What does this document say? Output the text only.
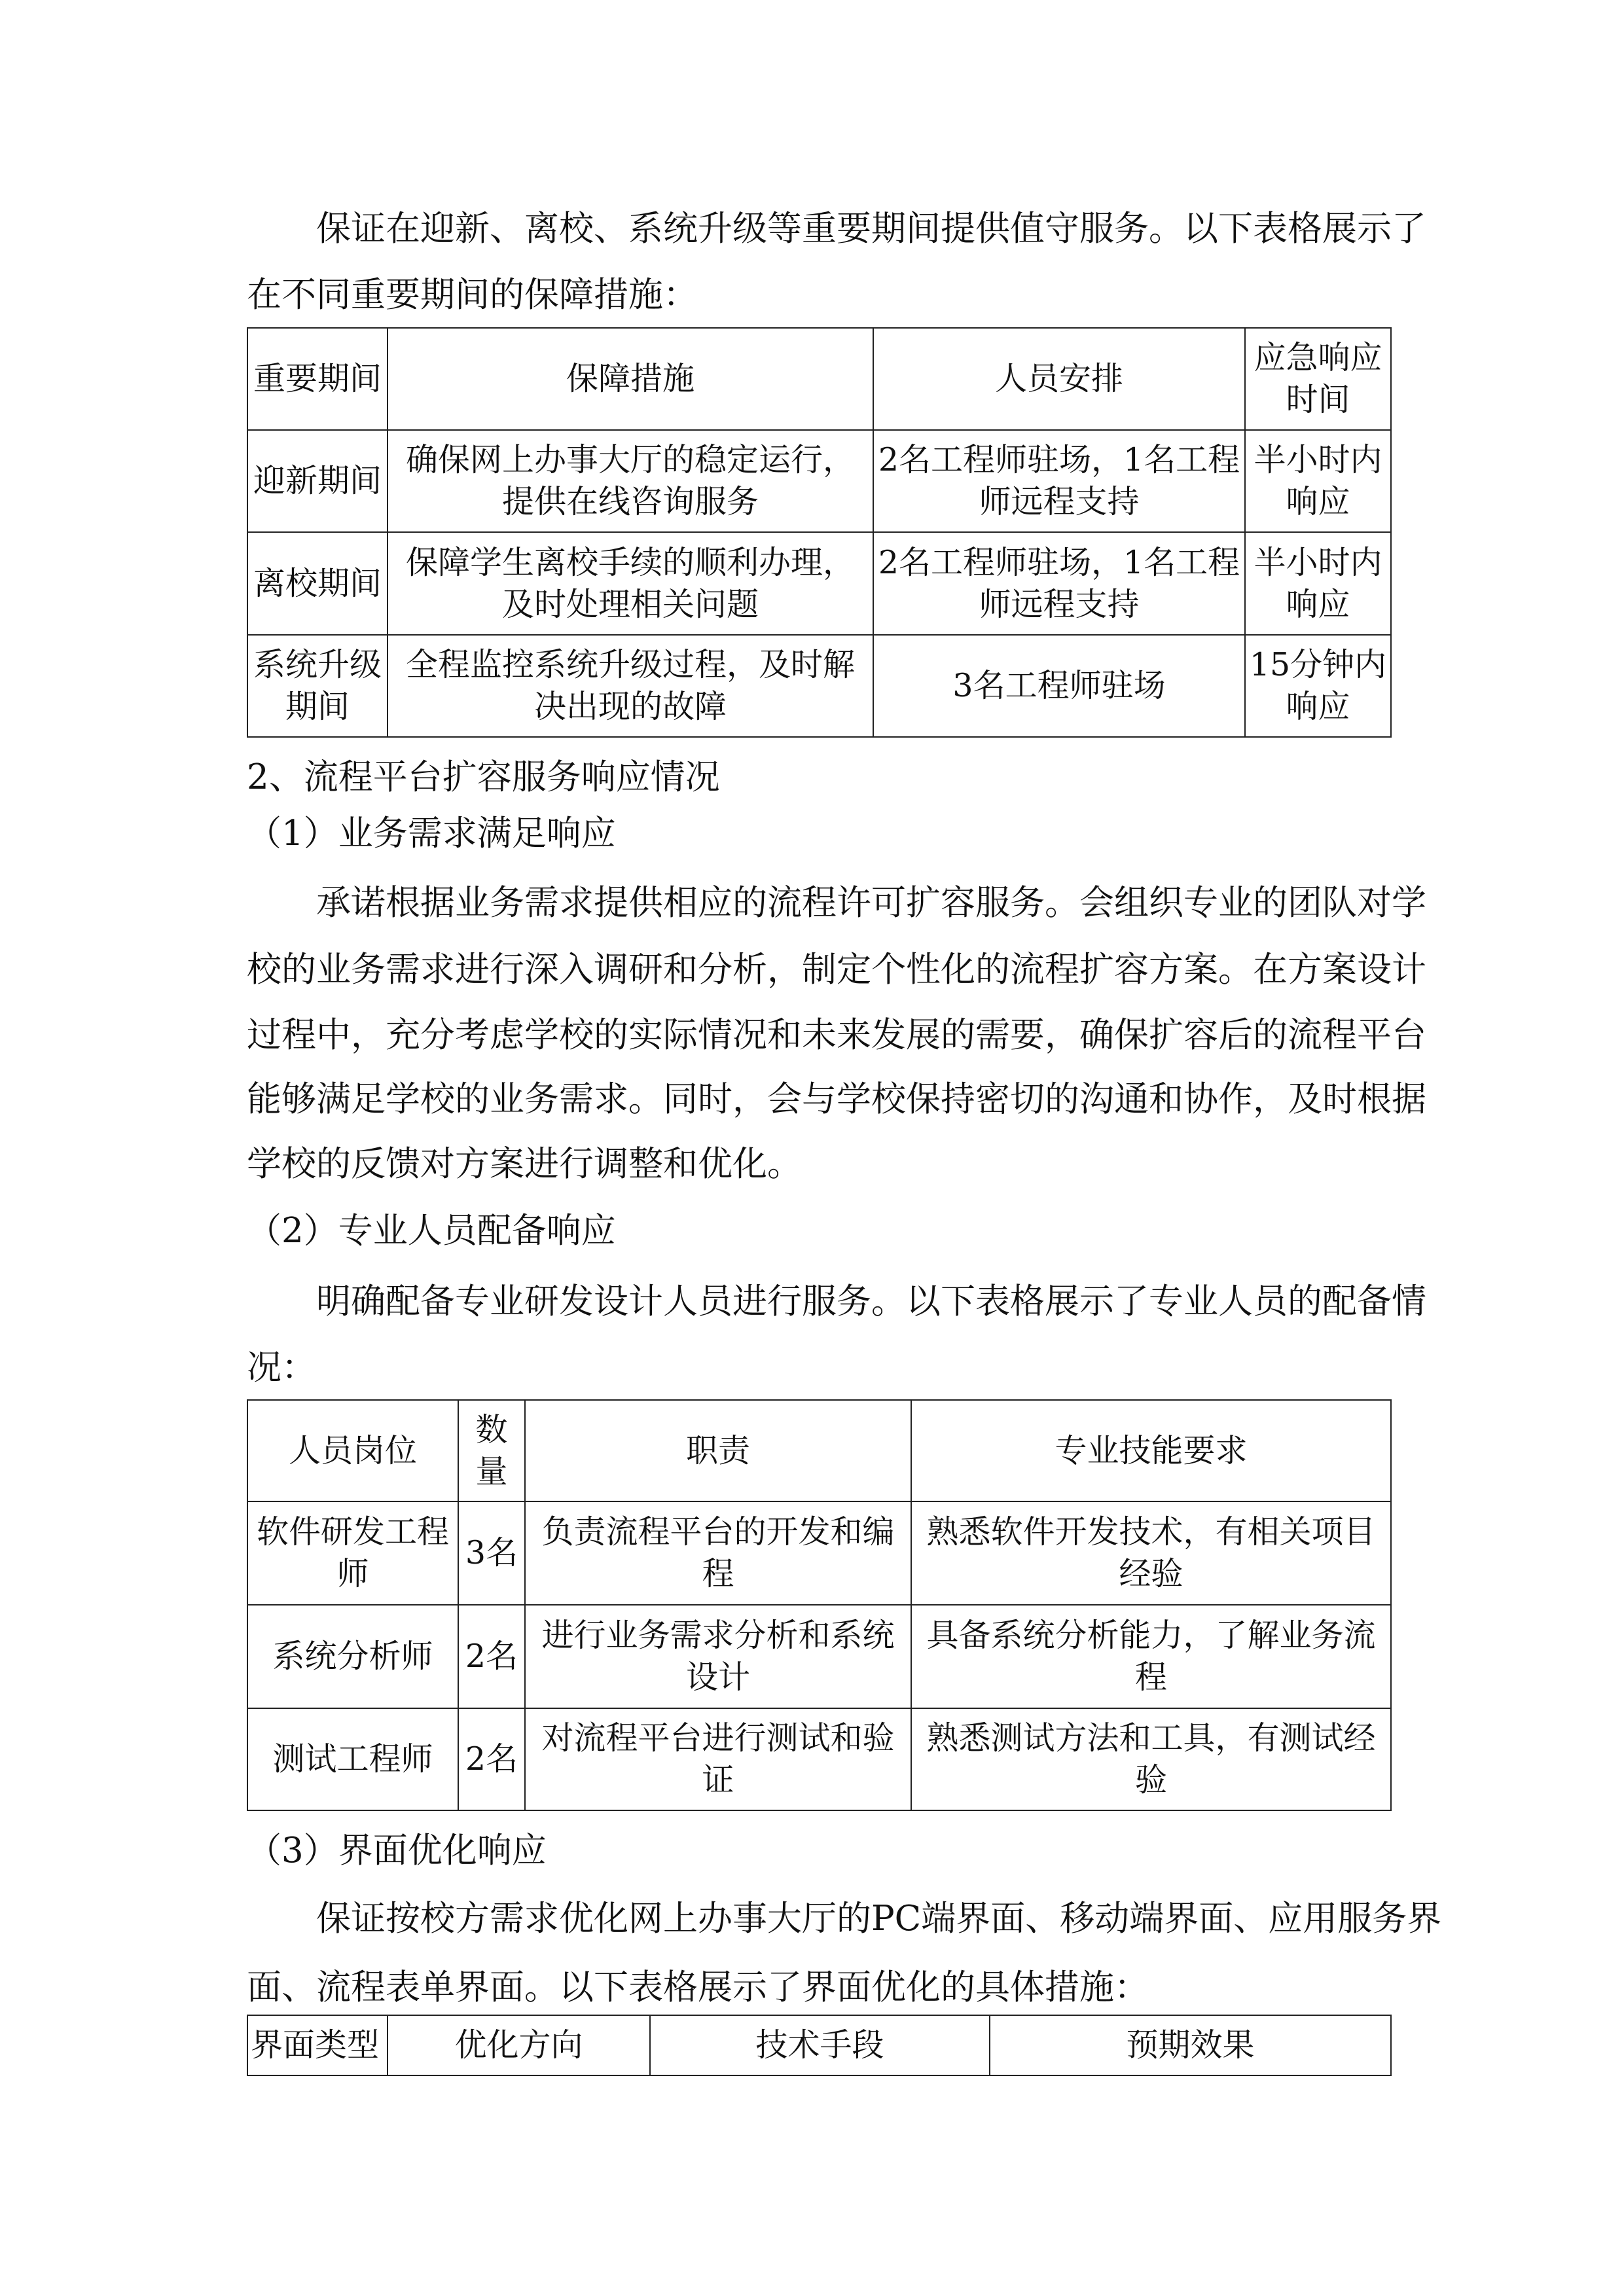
保证在迎新、离校、系统升级等重要期间提供值守服务。以下表格展示了
在不同重要期间的保障措施：
重要期间	保障措施	人员安排	应急响应时间
迎新期间	确保网上办事大厅的稳定运行，提供在线咨询服务	2名工程师驻场，1名工程师远程支持	半小时内响应
离校期间	保障学生离校手续的顺利办理，及时处理相关问题	2名工程师驻场，1名工程师远程支持	半小时内响应
系统升级期间	全程监控系统升级过程，及时解决出现的故障	3名工程师驻场	15分钟内响应
2、流程平台扩容服务响应情况
（1）业务需求满足响应
承诺根据业务需求提供相应的流程许可扩容服务。会组织专业的团队对学
校的业务需求进行深入调研和分析，制定个性化的流程扩容方案。在方案设计
过程中，充分考虑学校的实际情况和未来发展的需要，确保扩容后的流程平台
能够满足学校的业务需求。同时，会与学校保持密切的沟通和协作，及时根据
学校的反馈对方案进行调整和优化。
（2）专业人员配备响应
明确配备专业研发设计人员进行服务。以下表格展示了专业人员的配备情
况：
人员岗位	数量	职责	专业技能要求
软件研发工程师	3名	负责流程平台的开发和编程	熟悉软件开发技术，有相关项目经验
系统分析师	2名	进行业务需求分析和系统设计	具备系统分析能力，了解业务流程
测试工程师	2名	对流程平台进行测试和验证	熟悉测试方法和工具，有测试经验
（3）界面优化响应
保证按校方需求优化网上办事大厅的PC端界面、移动端界面、应用服务界
面、流程表单界面。以下表格展示了界面优化的具体措施：
界面类型	优化方向	技术手段	预期效果
